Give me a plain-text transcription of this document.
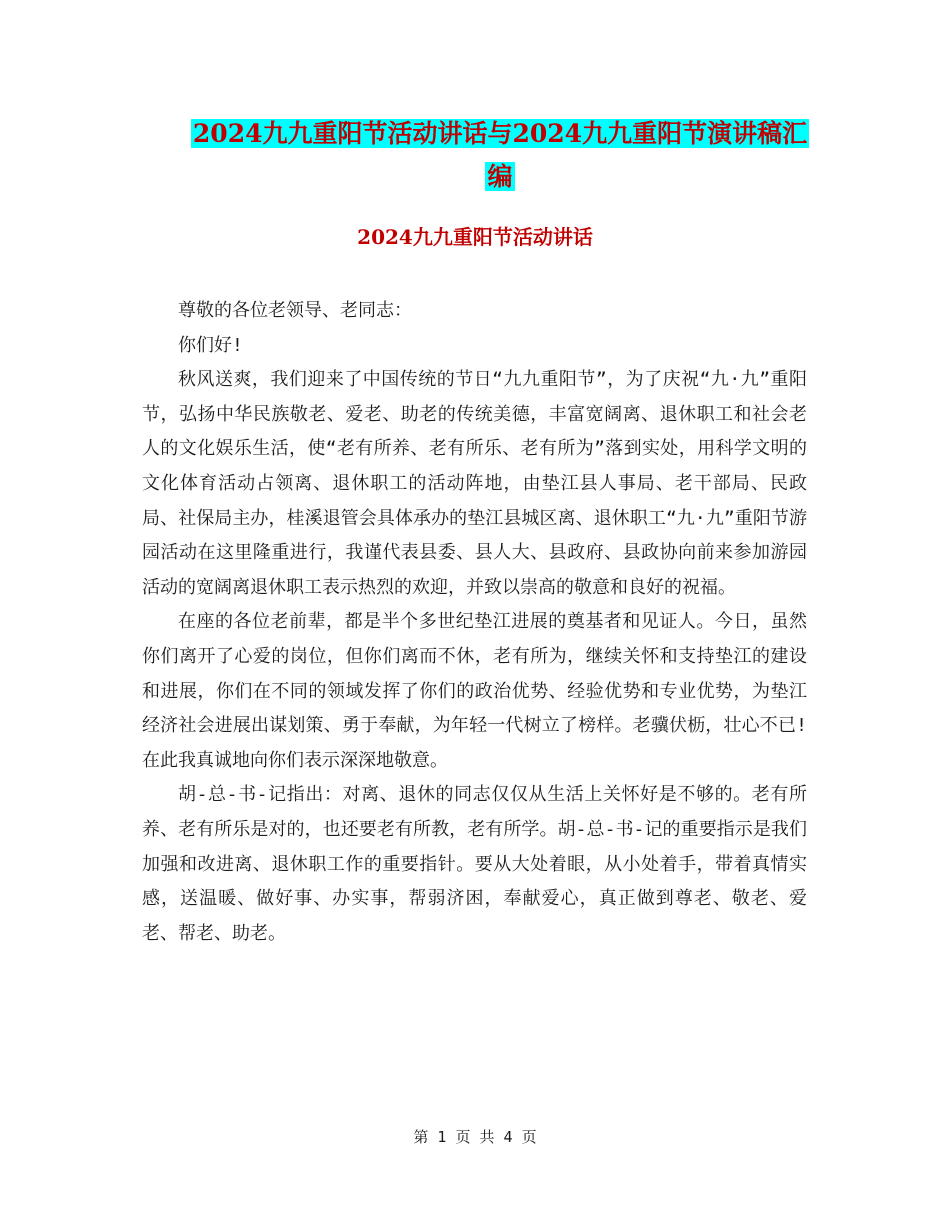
2024九九重阳节活动讲话与2024九九重阳节演讲稿汇
编
2024九九重阳节活动讲话

尊敬的各位老领导、老同志：

你们好!

秋风送爽，我们迎来了中国传统的节日“九九重阳节”，为了庆祝“九·九”重阳节，弘扬中华民族敬老、爱老、助老的传统美德，丰富宽阔离、退休职工和社会老人的文化娱乐生活，使“老有所养、老有所乐、老有所为”落到实处，用科学文明的文化体育活动占领离、退休职工的活动阵地，由垫江县人事局、老干部局、民政局、社保局主办，桂溪退管会具体承办的垫江县城区离、退休职工“九·九”重阳节游园活动在这里隆重进行，我谨代表县委、县人大、县政府、县政协向前来参加游园活动的宽阔离退休职工表示热烈的欢迎，并致以崇高的敬意和良好的祝福。

在座的各位老前辈，都是半个多世纪垫江进展的奠基者和见证人。今日，虽然你们离开了心爱的岗位，但你们离而不休，老有所为，继续关怀和支持垫江的建设和进展，你们在不同的领域发挥了你们的政治优势、经验优势和专业优势，为垫江经济社会进展出谋划策、勇于奉献，为年轻一代树立了榜样。老骥伏枥，壮心不已!在此我真诚地向你们表示深深地敬意。

胡-总-书-记指出：对离、退休的同志仅仅从生活上关怀好是不够的。老有所养、老有所乐是对的，也还要老有所教，老有所学。胡-总-书-记的重要指示是我们加强和改进离、退休职工作的重要指针。要从大处着眼，从小处着手，带着真情实感，送温暖、做好事、办实事，帮弱济困，奉献爱心，真正做到尊老、敬老、爱老、帮老、助老。

第 1 页 共 4 页
